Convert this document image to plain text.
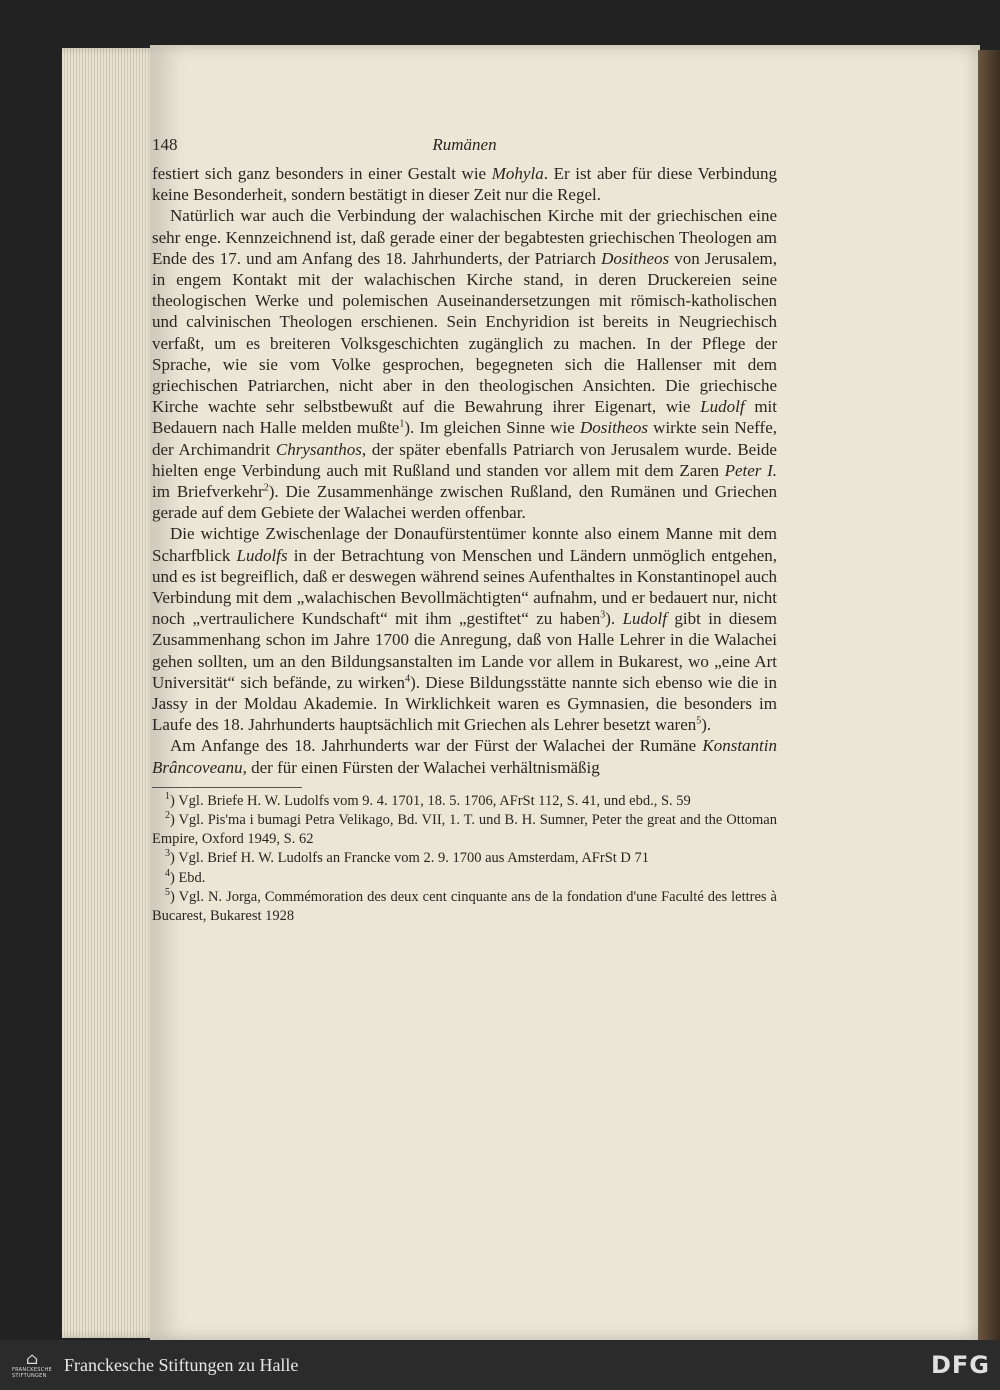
148	Rumänen

festiert sich ganz besonders in einer Gestalt wie Mohyla. Er ist aber für diese Verbindung keine Besonderheit, sondern bestätigt in dieser Zeit nur die Regel.

Natürlich war auch die Verbindung der walachischen Kirche mit der griechischen eine sehr enge. Kennzeichnend ist, daß gerade einer der begabtesten griechischen Theologen am Ende des 17. und am Anfang des 18. Jahrhunderts, der Patriarch Dositheos von Jerusalem, in engem Kontakt mit der walachischen Kirche stand, in deren Druckereien seine theologischen Werke und polemischen Auseinandersetzungen mit römisch-katholischen und calvinischen Theologen erschienen. Sein Enchyridion ist bereits in Neugriechisch verfaßt, um es breiteren Volksgeschichten zugänglich zu machen. In der Pflege der Sprache, wie sie vom Volke gesprochen, begegneten sich die Hallenser mit dem griechischen Patriarchen, nicht aber in den theologischen Ansichten. Die griechische Kirche wachte sehr selbstbewußt auf die Bewahrung ihrer Eigenart, wie Ludolf mit Bedauern nach Halle melden mußte$^1$). Im gleichen Sinne wie Dositheos wirkte sein Neffe, der Archimandrit Chrysanthos, der später ebenfalls Patriarch von Jerusalem wurde. Beide hielten enge Verbindung auch mit Rußland und standen vor allem mit dem Zaren Peter I. im Briefverkehr$^2$). Die Zusammenhänge zwischen Rußland, den Rumänen und Griechen gerade auf dem Gebiete der Walachei werden offenbar.

Die wichtige Zwischenlage der Donaufürstentümer konnte also einem Manne mit dem Scharfblick Ludolfs in der Betrachtung von Menschen und Ländern unmöglich entgehen, und es ist begreiflich, daß er deswegen während seines Aufenthaltes in Konstantinopel auch Verbindung mit dem „walachischen Bevollmächtigten“ aufnahm, und er bedauert nur, nicht noch „vertraulichere Kundschaft“ mit ihm „gestiftet“ zu haben$^3$). Ludolf gibt in diesem Zusammenhang schon im Jahre 1700 die Anregung, daß von Halle Lehrer in die Walachei gehen sollten, um an den Bildungsanstalten im Lande vor allem in Bukarest, wo „eine Art Universität“ sich befände, zu wirken$^4$). Diese Bildungsstätte nannte sich ebenso wie die in Jassy in der Moldau Akademie. In Wirklichkeit waren es Gymnasien, die besonders im Laufe des 18. Jahrhunderts hauptsächlich mit Griechen als Lehrer besetzt waren$^5$).

Am Anfange des 18. Jahrhunderts war der Fürst der Walachei der Rumäne Konstantin Brâncoveanu, der für einen Fürsten der Walachei verhältnismäßig

$^1$) Vgl. Briefe H. W. Ludolfs vom 9. 4. 1701, 18. 5. 1706, AFrSt 112, S. 41, und ebd., S. 59

$^2$) Vgl. Pis'ma i bumagi Petra Velikago, Bd. VII, 1. T. und B. H. Sumner, Peter the great and the Ottoman Empire, Oxford 1949, S. 62

$^3$) Vgl. Brief H. W. Ludolfs an Francke vom 2. 9. 1700 aus Amsterdam, AFrSt D 71

$^4$) Ebd.

$^5$) Vgl. N. Jorga, Commémoration des deux cent cinquante ans de la fondation d'une Faculté des lettres à Bucarest, Bukarest 1928

⌂
FRANCKESCHE STIFTUNGEN
Franckesche Stiftungen zu Halle	DFG
